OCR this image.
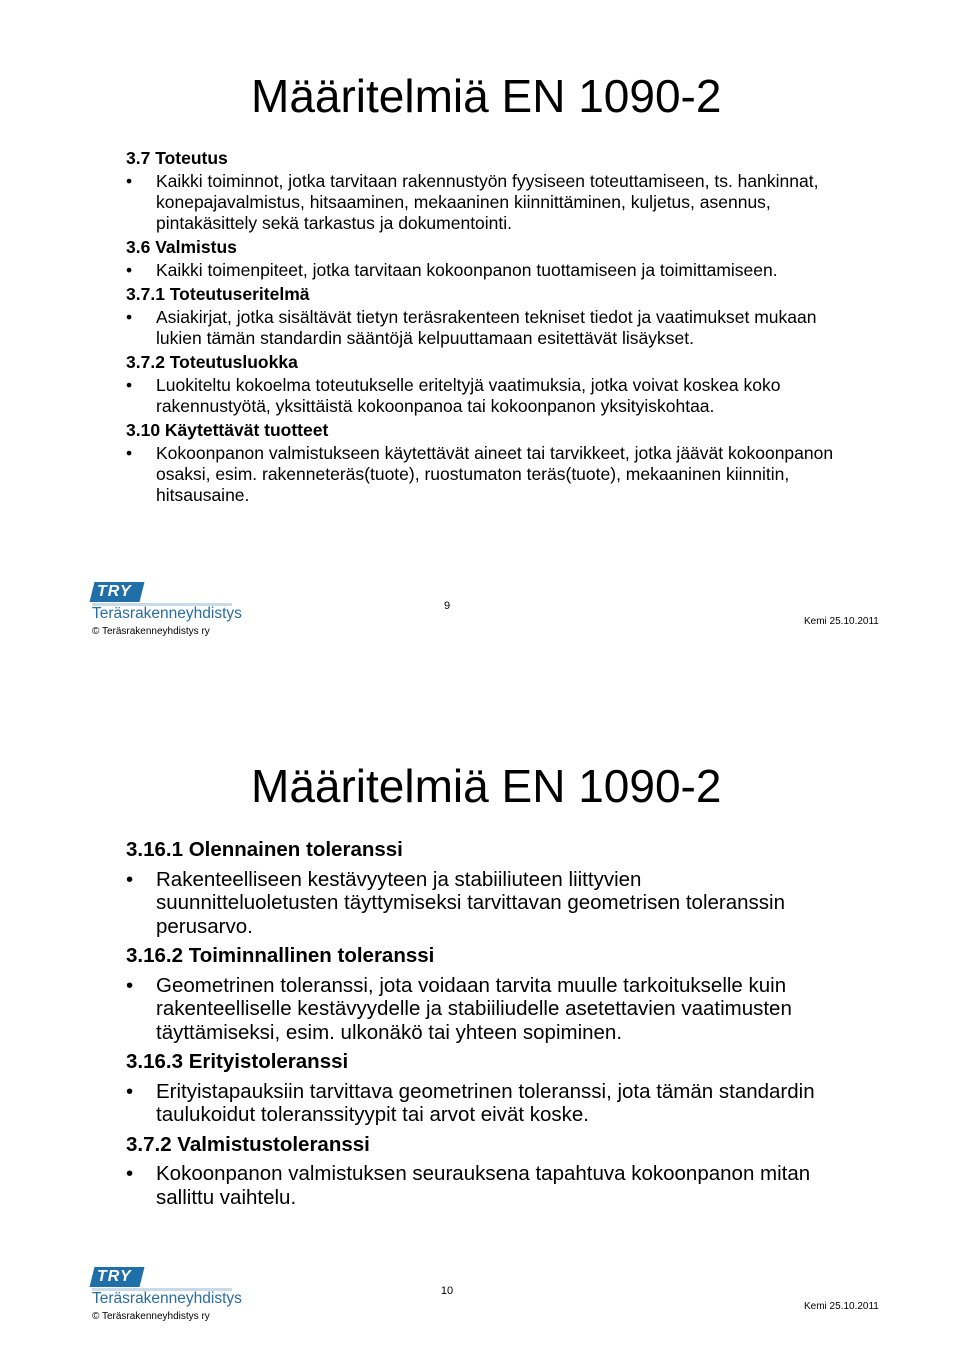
Määritelmiä EN 1090-2
3.7 Toteutus
• Kaikki toiminnot, jotka tarvitaan rakennustyön fyysiseen toteuttamiseen, ts. hankinnat, konepajavalmistus, hitsaaminen, mekaaninen kiinnittäminen, kuljetus, asennus, pintakäsittely sekä tarkastus ja dokumentointi.
3.6 Valmistus
• Kaikki toimenpiteet, jotka tarvitaan kokoonpanon tuottamiseen ja toimittamiseen.
3.7.1 Toteutuseritelmä
• Asiakirjat, jotka sisältävät tietyn teräsrakenteen tekniset tiedot ja vaatimukset mukaan lukien tämän standardin sääntöjä kelpuuttamaan esitettävät lisäykset.
3.7.2 Toteutusluokka
• Luokiteltu kokoelma toteutukselle eriteltyjä vaatimuksia, jotka voivat koskea koko rakennustyötä, yksittäistä kokoonpanoa tai kokoonpanon yksityiskohtaa.
3.10 Käytettävät tuotteet
• Kokoonpanon valmistukseen käytettävät aineet tai tarvikkeet, jotka jäävät kokoonpanon osaksi, esim. rakenneteräs(tuote), ruostumaton teräs(tuote), mekaaninen kiinnitin, hitsausaine.
TRY
Teräsrakenneyhdistys
© Teräsrakenneyhdistys ry
9
Kemi 25.10.2011
Määritelmiä EN 1090-2
3.16.1 Olennainen toleranssi
• Rakenteelliseen kestävyyteen ja stabiiliuteen liittyvien suunnitteluoletusten täyttymiseksi tarvittavan geometrisen toleranssin perusarvo.
3.16.2 Toiminnallinen toleranssi
• Geometrinen toleranssi, jota voidaan tarvita muulle tarkoitukselle kuin rakenteelliselle kestävyydelle ja stabiiliudelle asetettavien vaatimusten täyttämiseksi, esim. ulkonäkö tai yhteen sopiminen.
3.16.3 Erityistoleranssi
• Erityistapauksiin tarvittava geometrinen toleranssi, jota tämän standardin taulukoidut toleranssityypit tai arvot eivät koske.
3.7.2 Valmistustoleranssi
• Kokoonpanon valmistuksen seurauksena tapahtuva kokoonpanon mitan sallittu vaihtelu.
TRY
Teräsrakenneyhdistys
© Teräsrakenneyhdistys ry
10
Kemi 25.10.2011
